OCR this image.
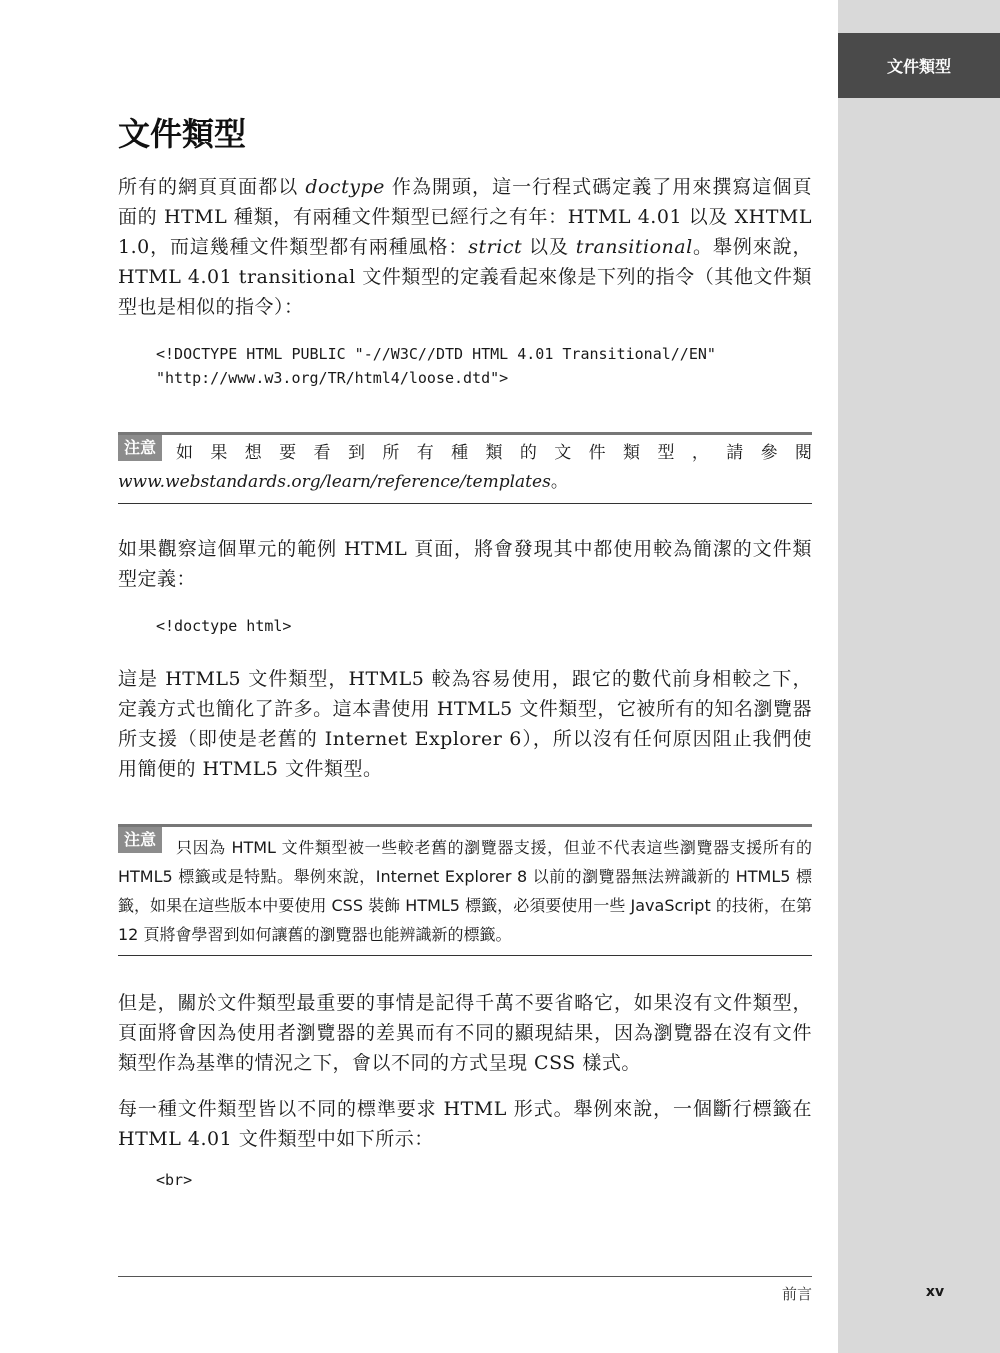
文件類型
文件類型

所有的網頁頁面都以 doctype 作為開頭，這一行程式碼定義了用來撰寫這個頁面的 HTML 種類，有兩種文件類型已經行之有年：HTML 4.01 以及 XHTML 1.0，而這幾種文件類型都有兩種風格：strict 以及 transitional。舉例來說，HTML 4.01 transitional 文件類型的定義看起來像是下列的指令（其他文件類型也是相似的指令）：

<!DOCTYPE HTML PUBLIC "-//W3C//DTD HTML 4.01 Transitional//EN"
"http://www.w3.org/TR/html4/loose.dtd">
注意	如果想要看到所有種類的文件類型，請參閱 www.webstandards.org/learn/reference/templates。

如果觀察這個單元的範例 HTML 頁面，將會發現其中都使用較為簡潔的文件類型定義：

<!doctype html>

這是 HTML5 文件類型，HTML5 較為容易使用，跟它的數代前身相較之下，定義方式也簡化了許多。這本書使用 HTML5 文件類型，它被所有的知名瀏覽器所支援（即使是老舊的 Internet Explorer 6），所以沒有任何原因阻止我們使用簡便的 HTML5 文件類型。

注意	只因為 HTML 文件類型被一些較老舊的瀏覽器支援，但並不代表這些瀏覽器支援所有的 HTML5 標籤或是特點。舉例來說，Internet Explorer 8 以前的瀏覽器無法辨識新的 HTML5 標籤，如果在這些版本中要使用 CSS 裝飾 HTML5 標籤，必須要使用一些 JavaScript 的技術，在第 12 頁將會學習到如何讓舊的瀏覽器也能辨識新的標籤。

但是，關於文件類型最重要的事情是記得千萬不要省略它，如果沒有文件類型，頁面將會因為使用者瀏覽器的差異而有不同的顯現結果，因為瀏覽器在沒有文件類型作為基準的情況之下，會以不同的方式呈現 CSS 樣式。

每一種文件類型皆以不同的標準要求 HTML 形式。舉例來說，一個斷行標籤在 HTML 4.01 文件類型中如下所示：

<br>
前言	xv
